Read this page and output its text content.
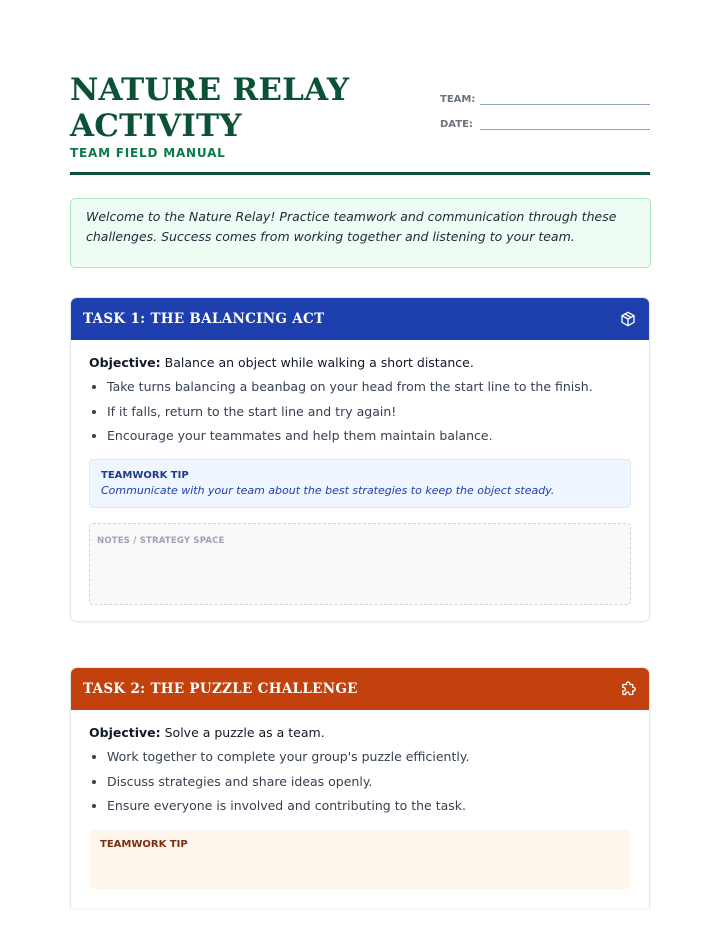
NATURE RELAY ACTIVITY
TEAM FIELD MANUAL
TEAM:
DATE:
Welcome to the Nature Relay! Practice teamwork and communication through these challenges. Success comes from working together and listening to your team.
TASK 1: THE BALANCING ACT
Objective: Balance an object while walking a short distance.
• Take turns balancing a beanbag on your head from the start line to the finish.
• If it falls, return to the start line and try again!
• Encourage your teammates and help them maintain balance.
TEAMWORK TIP
Communicate with your team about the best strategies to keep the object steady.
NOTES / STRATEGY SPACE
TASK 2: THE PUZZLE CHALLENGE
Objective: Solve a puzzle as a team.
• Work together to complete your group's puzzle efficiently.
• Discuss strategies and share ideas openly.
• Ensure everyone is involved and contributing to the task.
TEAMWORK TIP
